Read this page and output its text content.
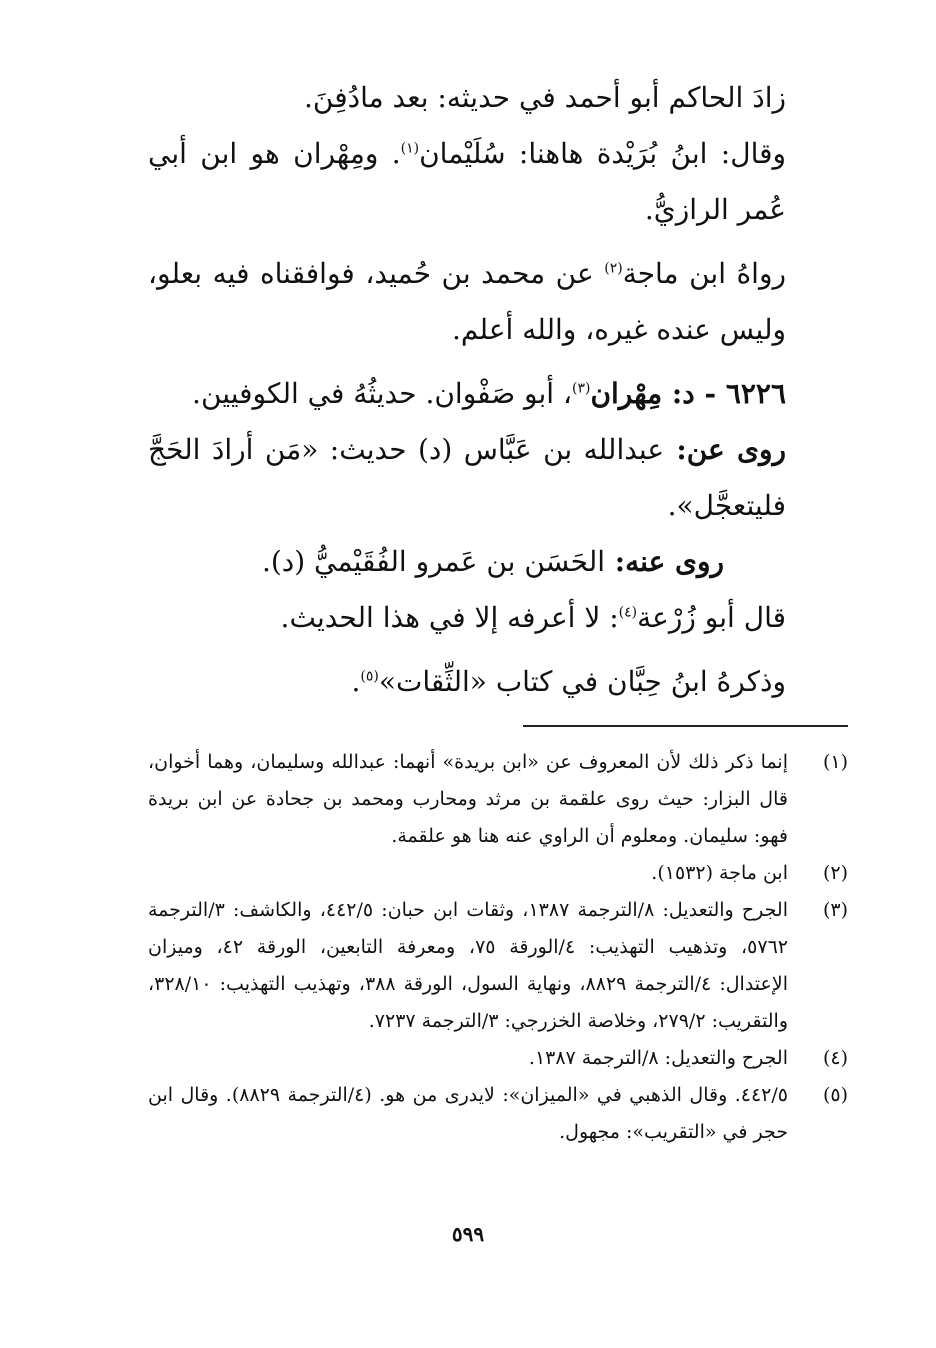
زادَ الحاكم أبو أحمد في حديثه: بعد مادُفِنَ.

وقال: ابنُ بُرَيْدة هاهنا: سُلَيْمان$^{(١)}$. ومِهْران هو ابن أبي عُمر الرازيُّ.

رواهُ ابن ماجة$^{(٢)}$ عن محمد بن حُميد، فوافقناه فيه بعلو، وليس عنده غيره، والله أعلم.

٦٢٢٦ - د: مِهْران$^{(٣)}$، أبو صَفْوان. حديثُهُ في الكوفيين.

روى عن: عبدالله بن عَبَّاس (د) حديث: «مَن أرادَ الحَجَّ فليتعجَّل».

روى عنه: الحَسَن بن عَمرو الفُقَيْميُّ (د).

قال أبو زُرْعة$^{(٤)}$: لا أعرفه إلا في هذا الحديث.

وذكرهُ ابنُ حِبَّان في كتاب «الثِّقات»$^{(٥)}$.

(١)
إنما ذكر ذلك لأن المعروف عن «ابن بريدة» أنهما: عبدالله وسليمان، وهما أخوان، قال البزار: حيث روى علقمة بن مرثد ومحارب ومحمد بن جحادة عن ابن بريدة فهو: سليمان. ومعلوم أن الراوي عنه هنا هو علقمة.
(٢)
ابن ماجة (١٥٣٢).
(٣)
الجرح والتعديل: ٨/الترجمة ١٣٨٧، وثقات ابن حبان: ٤٤٢/٥، والكاشف: ٣/الترجمة ٥٧٦٢، وتذهيب التهذيب: ٤/الورقة ٧٥، ومعرفة التابعين، الورقة ٤٢، وميزان الإعتدال: ٤/الترجمة ٨٨٢٩، ونهاية السول، الورقة ٣٨٨، وتهذيب التهذيب: ٣٢٨/١٠، والتقريب: ٢٧٩/٢، وخلاصة الخزرجي: ٣/الترجمة ٧٢٣٧.
(٤)
الجرح والتعديل: ٨/الترجمة ١٣٨٧.
(٥)
٤٤٢/٥. وقال الذهبي في «الميزان»: لايدرى من هو. (٤/الترجمة ٨٨٢٩). وقال ابن حجر في «التقريب»: مجهول.
٥٩٩
